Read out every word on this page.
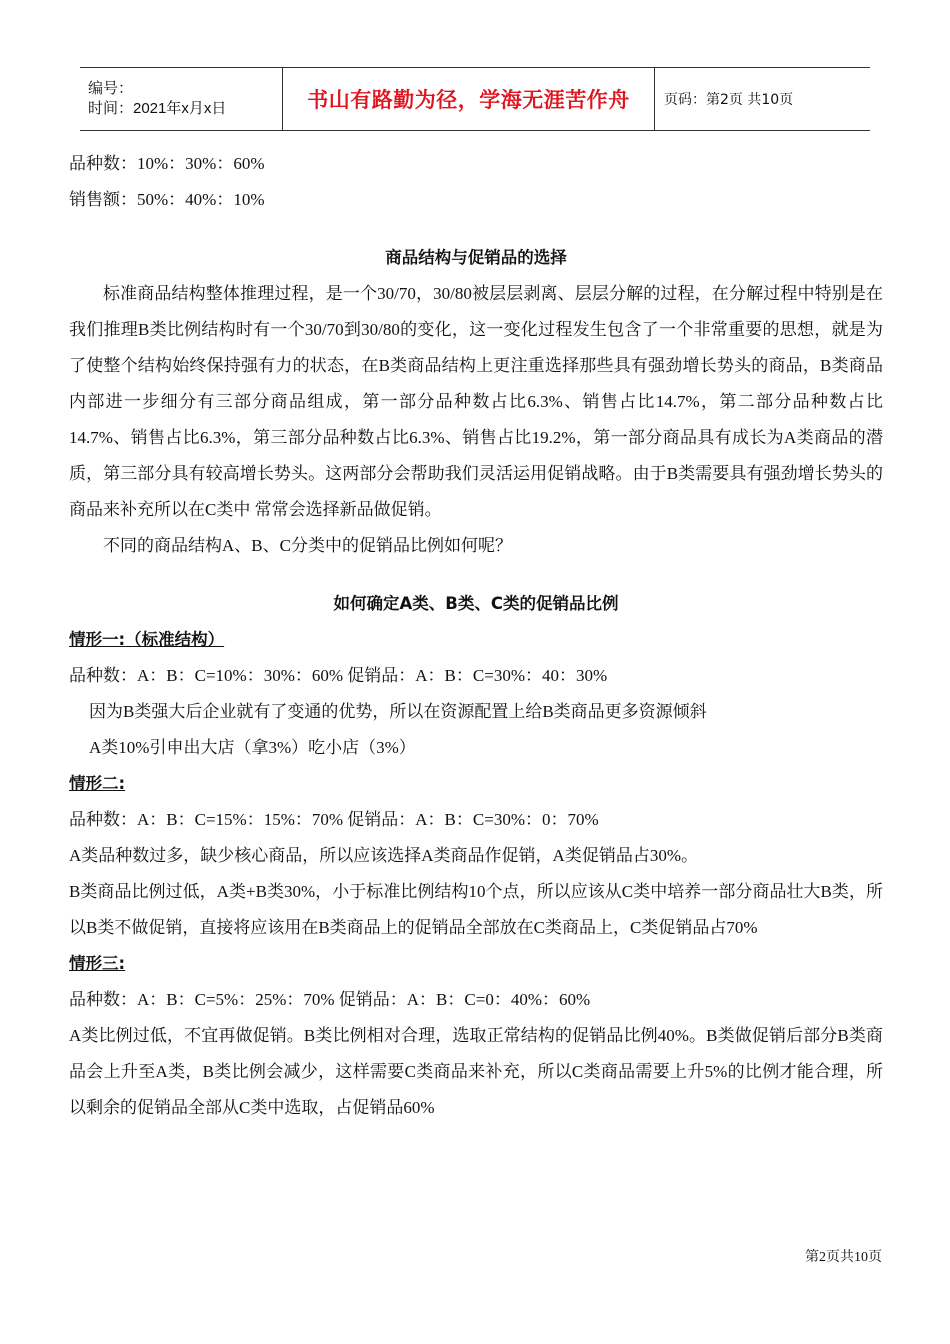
编号：
时间：2021年x月x日	书山有路勤为径，学海无涯苦作舟	页码：第2页 共10页

品种数：10%：30%：60%

销售额：50%：40%：10%

商品结构与促销品的选择

标准商品结构整体推理过程，是一个30/70，30/80被层层剥离、层层分解的过程，在分解过程中特别是在我们推理B类比例结构时有一个30/70到30/80的变化，这一变化过程发生包含了一个非常重要的思想，就是为了使整个结构始终保持强有力的状态，在B类商品结构上更注重选择那些具有强劲增长势头的商品，B类商品内部进一步细分有三部分商品组成，第一部分品种数占比6.3%、销售占比14.7%，第二部分品种数占比14.7%、销售占比6.3%，第三部分品种数占比6.3%、销售占比19.2%，第一部分商品具有成长为A类商品的潜质，第三部分具有较高增长势头。这两部分会帮助我们灵活运用促销战略。由于B类需要具有强劲增长势头的商品来补充所以在C类中 常常会选择新品做促销。

不同的商品结构A、B、C分类中的促销品比例如何呢？

如何确定A类、B类、C类的促销品比例

情形一:（标准结构）

品种数：A：B：C=10%：30%：60% 促销品：A：B：C=30%：40：30%

因为B类强大后企业就有了变通的优势，所以在资源配置上给B类商品更多资源倾斜

A类10%引申出大店（拿3%）吃小店（3%）

情形二:

品种数：A：B：C=15%：15%：70% 促销品：A：B：C=30%：0：70%

A类品种数过多，缺少核心商品，所以应该选择A类商品作促销，A类促销品占30%。

B类商品比例过低，A类+B类30%，小于标准比例结构10个点，所以应该从C类中培养一部分商品壮大B类，所以B类不做促销，直接将应该用在B类商品上的促销品全部放在C类商品上，C类促销品占70%

情形三:

品种数：A：B：C=5%：25%：70% 促销品：A：B：C=0：40%：60%

A类比例过低，不宜再做促销。B类比例相对合理，选取正常结构的促销品比例40%。B类做促销后部分B类商品会上升至A类，B类比例会减少，这样需要C类商品来补充，所以C类商品需要上升5%的比例才能合理，所以剩余的促销品全部从C类中选取，占促销品60%

第2页共10页
